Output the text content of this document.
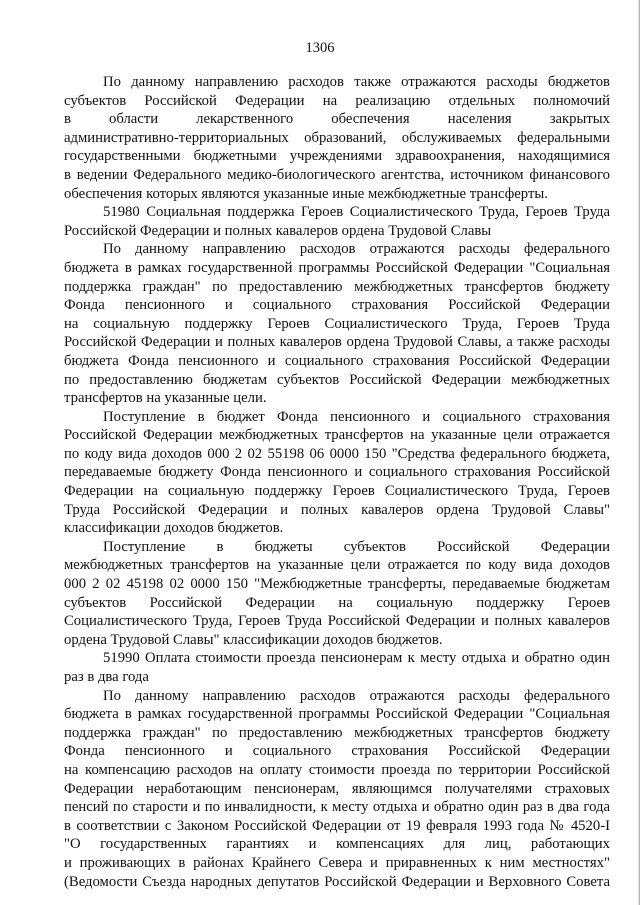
1306
По данному направлению расходов также отражаются расходы бюджетов
субъектов Российской Федерации на реализацию отдельных полномочий
в области лекарственного обеспечения населения закрытых
административно-территориальных образований, обслуживаемых федеральными
государственными бюджетными учреждениями здравоохранения, находящимися
в ведении Федерального медико-биологического агентства, источником финансового
обеспечения которых являются указанные иные межбюджетные трансферты.
51980 Социальная поддержка Героев Социалистического Труда, Героев Труда
Российской Федерации и полных кавалеров ордена Трудовой Славы
По данному направлению расходов отражаются расходы федерального
бюджета в рамках государственной программы Российской Федерации "Социальная
поддержка граждан" по предоставлению межбюджетных трансфертов бюджету
Фонда пенсионного и социального страхования Российской Федерации
на социальную поддержку Героев Социалистического Труда, Героев Труда
Российской Федерации и полных кавалеров ордена Трудовой Славы, а также расходы
бюджета Фонда пенсионного и социального страхования Российской Федерации
по предоставлению бюджетам субъектов Российской Федерации межбюджетных
трансфертов на указанные цели.
Поступление в бюджет Фонда пенсионного и социального страхования
Российской Федерации межбюджетных трансфертов на указанные цели отражается
по коду вида доходов 000 2 02 55198 06 0000 150 "Средства федерального бюджета,
передаваемые бюджету Фонда пенсионного и социального страхования Российской
Федерации на социальную поддержку Героев Социалистического Труда, Героев
Труда Российской Федерации и полных кавалеров ордена Трудовой Славы"
классификации доходов бюджетов.
Поступление в бюджеты субъектов Российской Федерации
межбюджетных трансфертов на указанные цели отражается по коду вида доходов
000 2 02 45198 02 0000 150 "Межбюджетные трансферты, передаваемые бюджетам
субъектов Российской Федерации на социальную поддержку Героев
Социалистического Труда, Героев Труда Российской Федерации и полных кавалеров
ордена Трудовой Славы" классификации доходов бюджетов.
51990 Оплата стоимости проезда пенсионерам к месту отдыха и обратно один
раз в два года
По данному направлению расходов отражаются расходы федерального
бюджета в рамках государственной программы Российской Федерации "Социальная
поддержка граждан" по предоставлению межбюджетных трансфертов бюджету
Фонда пенсионного и социального страхования Российской Федерации
на компенсацию расходов на оплату стоимости проезда по территории Российской
Федерации неработающим пенсионерам, являющимся получателями страховых
пенсий по старости и по инвалидности, к месту отдыха и обратно один раз в два года
в соответствии с Законом Российской Федерации от 19 февраля 1993 года № 4520-I
"О государственных гарантиях и компенсациях для лиц, работающих
и проживающих в районах Крайнего Севера и приравненных к ним местностях"
(Ведомости Съезда народных депутатов Российской Федерации и Верховного Совета
